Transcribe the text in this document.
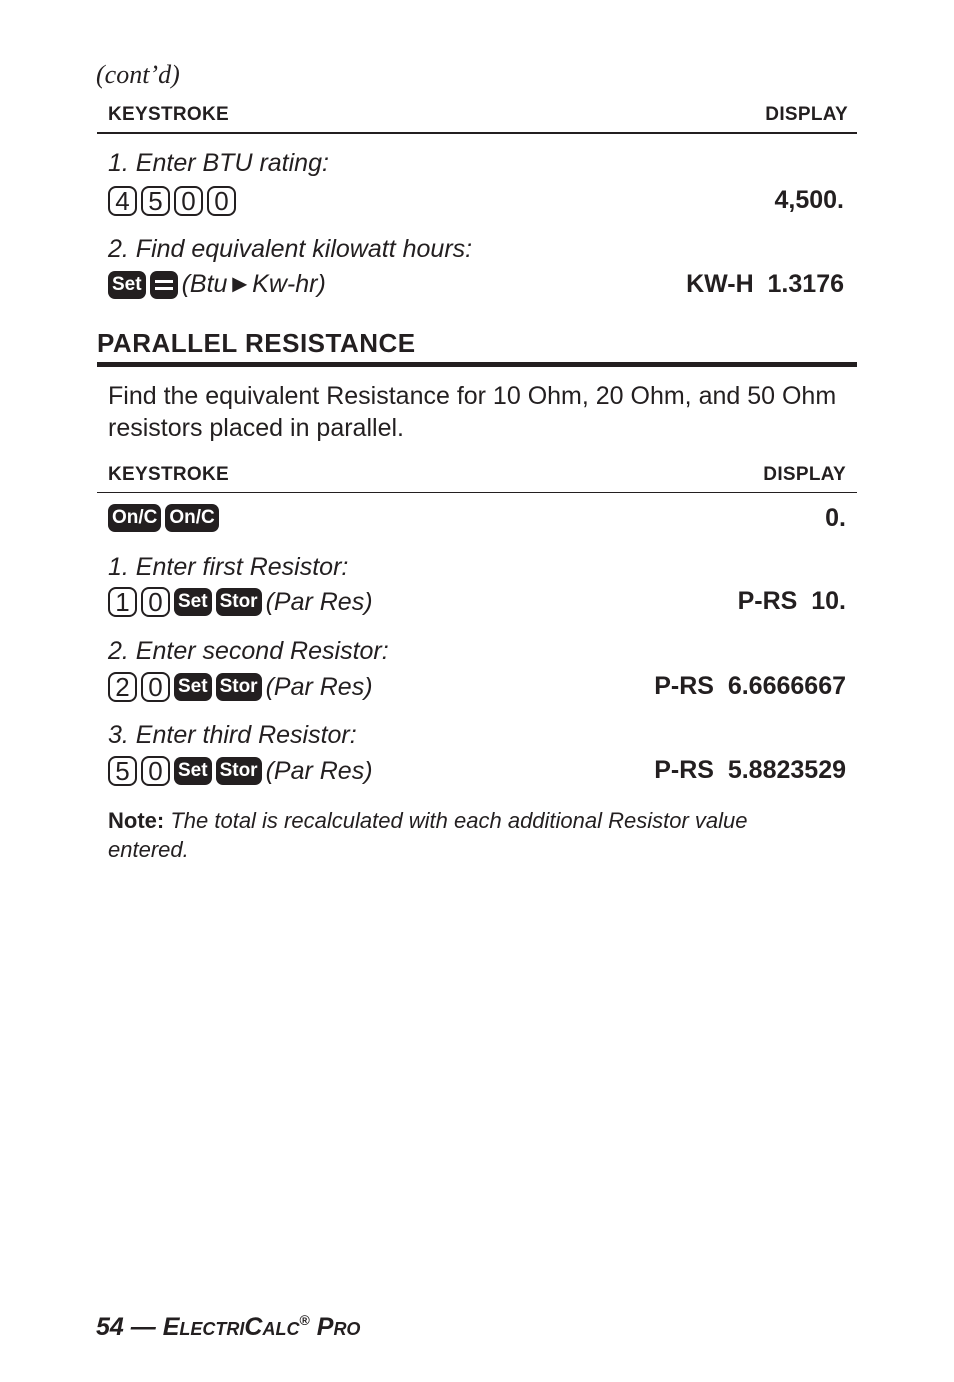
(cont’d)
KEYSTROKE	DISPLAY
1. Enter BTU rating:
4 5 0 0	4,500.
2. Find equivalent kilowatt hours:
Set (Btu►Kw-hr)	KW-H  1.3176
PARALLEL RESISTANCE
Find the equivalent Resistance for 10 Ohm, 20 Ohm, and 50 Ohm resistors placed in parallel.
KEYSTROKE	DISPLAY
On/C On/C	0.
1. Enter first Resistor:
1 0 Set Stor (Par Res)	P-RS  10.
2. Enter second Resistor:
2 0 Set Stor (Par Res)	P-RS  6.6666667
3. Enter third Resistor:
5 0 Set Stor (Par Res)	P-RS  5.8823529
Note: The total is recalculated with each additional Resistor value entered.
54 — ELECTRICALC® PRO
